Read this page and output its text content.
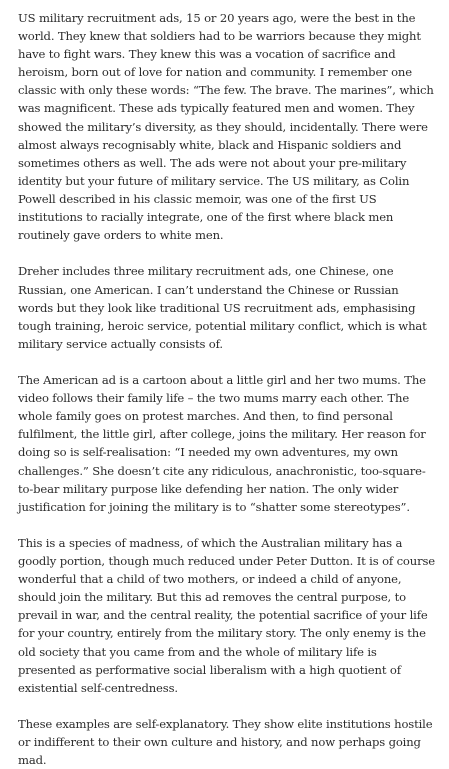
US military recruitment ads, 15 or 20 years ago, were the best in the world. They knew that soldiers had to be warriors because they might have to fight wars. They knew this was a vocation of sacrifice and heroism, born out of love for nation and community. I remember one classic with only these words: “The few. The brave. The marines”, which was magnificent. These ads typically featured men and women. They showed the military’s diversity, as they should, incidentally. There were almost always recognisably white, black and Hispanic soldiers and sometimes others as well. The ads were not about your pre-military identity but your future of military service. The US military, as Colin Powell described in his classic memoir, was one of the first US institutions to racially integrate, one of the first where black men routinely gave orders to white men.

Dreher includes three military recruitment ads, one Chinese, one Russian, one American. I can’t understand the Chinese or Russian words but they look like traditional US recruitment ads, emphasising tough training, heroic service, potential military conflict, which is what military service actually consists of.

The American ad is a cartoon about a little girl and her two mums. The video follows their family life – the two mums marry each other. The whole family goes on protest marches. And then, to find personal fulfilment, the little girl, after college, joins the military. Her reason for doing so is self-realisation: “I needed my own adventures, my own challenges.” She doesn’t cite any ridiculous, anachronistic, too-square-to-bear military purpose like defending her nation. The only wider justification for joining the military is to “shatter some stereotypes”.

This is a species of madness, of which the Australian military has a goodly portion, though much reduced under Peter Dutton. It is of course wonderful that a child of two mothers, or indeed a child of anyone, should join the military. But this ad removes the central purpose, to prevail in war, and the central reality, the potential sacrifice of your life for your country, entirely from the military story. The only enemy is the old society that you came from and the whole of military life is presented as performative social liberalism with a high quotient of existential self-centredness.

These examples are self-explanatory. They show elite institutions hostile or indifferent to their own culture and history, and now perhaps going mad.
